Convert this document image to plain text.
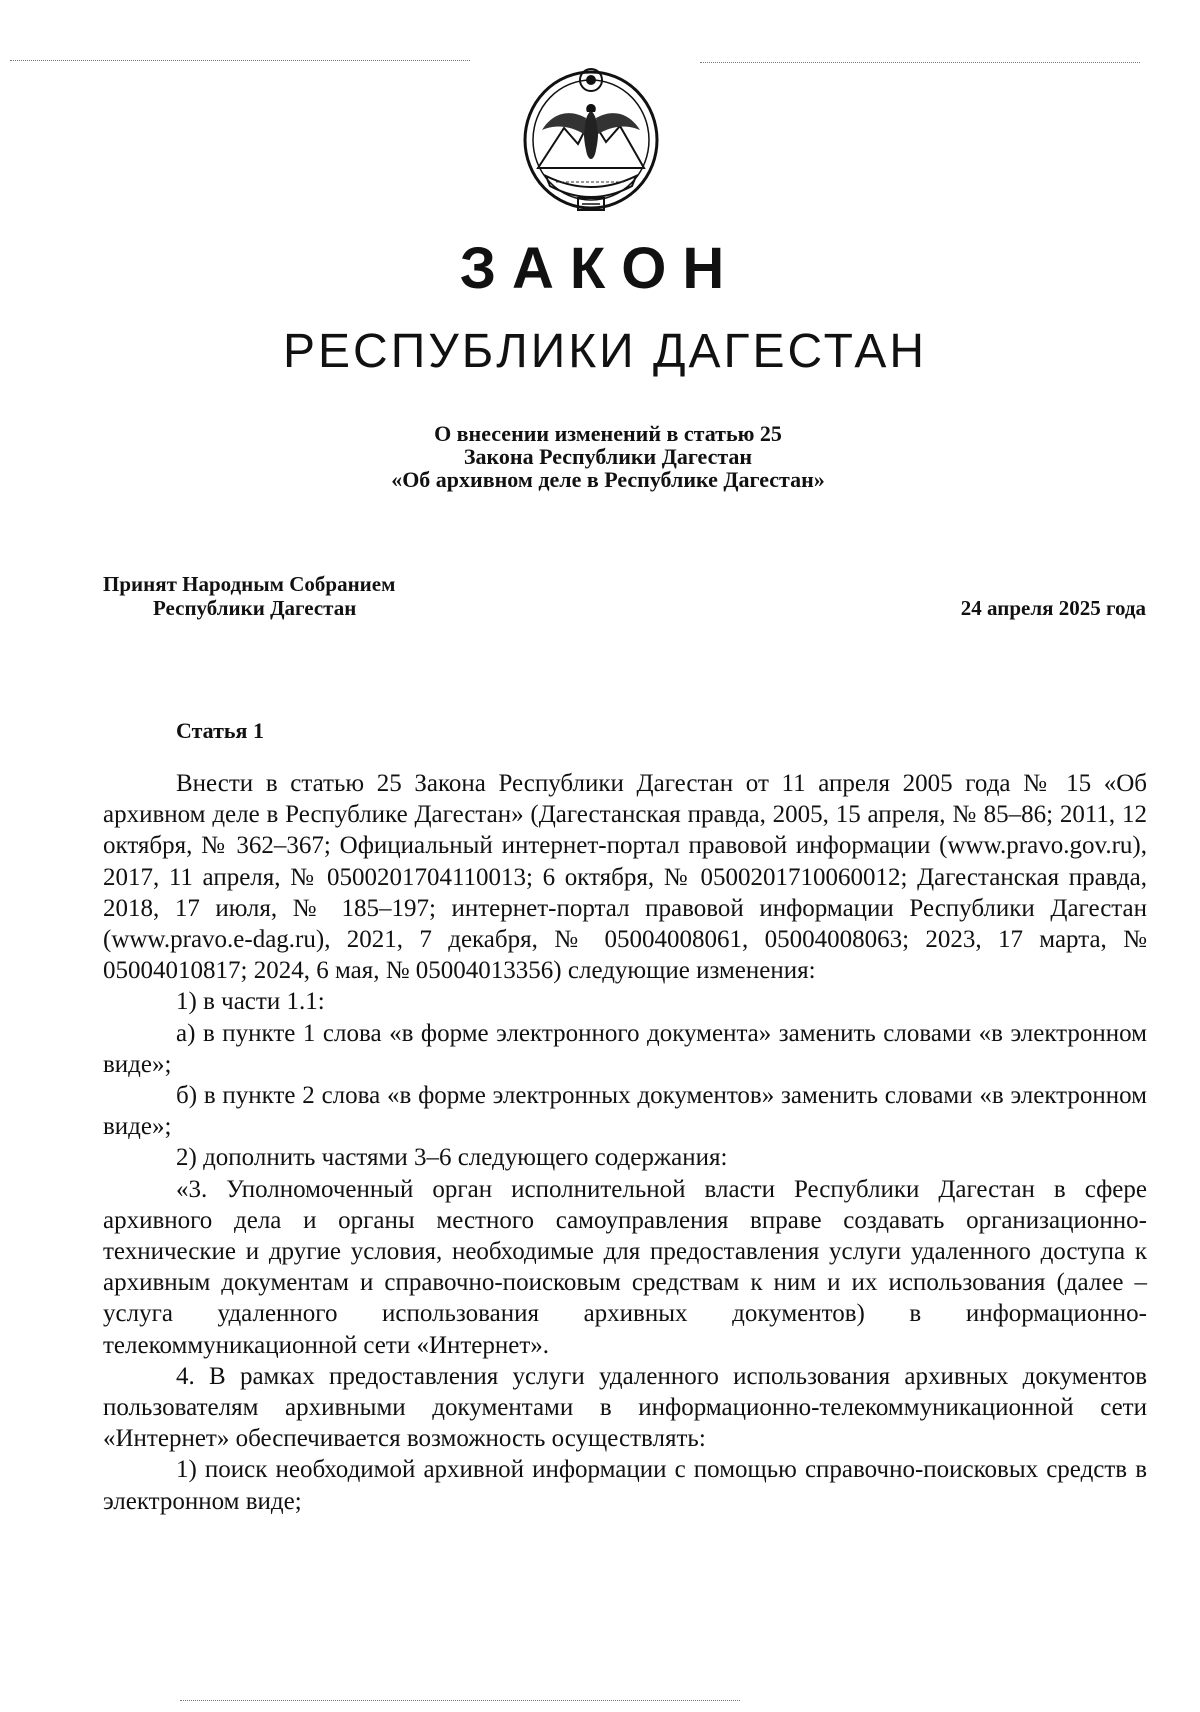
ЗАКОН
РЕСПУБЛИКИ ДАГЕСТАН
О внесении изменений в статью 25
Закона Республики Дагестан
«Об архивном деле в Республике Дагестан»
Принят Народным Собранием
Республики Дагестан	24 апреля 2025 года
Статья 1

Внести в статью 25 Закона Республики Дагестан от 11 апреля 2005 года № 15 «Об архивном деле в Республике Дагестан» (Дагестанская правда, 2005, 15 апреля, № 85–86; 2011, 12 октября, № 362–367; Официальный интернет-портал правовой информации (www.pravo.gov.ru), 2017, 11 апреля, № 0500201704110013; 6 октября, № 0500201710060012; Дагестанская правда, 2018, 17 июля, № 185–197; интернет-портал правовой информации Республики Дагестан (www.pravo.e-dag.ru), 2021, 7 декабря, № 05004008061, 05004008063; 2023, 17 марта, № 05004010817; 2024, 6 мая, № 05004013356) следующие изменения:

1) в части 1.1:

а) в пункте 1 слова «в форме электронного документа» заменить словами «в электронном виде»;

б) в пункте 2 слова «в форме электронных документов» заменить словами «в электронном виде»;

2) дополнить частями 3–6 следующего содержания:

«3. Уполномоченный орган исполнительной власти Республики Дагестан в сфере архивного дела и органы местного самоуправления вправе создавать организационно-технические и другие условия, необходимые для предоставления услуги удаленного доступа к архивным документам и справочно-поисковым средствам к ним и их использования (далее – услуга удаленного использования архивных документов) в информационно-телекоммуникационной сети «Интернет».

4. В рамках предоставления услуги удаленного использования архивных документов пользователям архивными документами в информационно-телекоммуникационной сети «Интернет» обеспечивается возможность осуществлять:

1) поиск необходимой архивной информации с помощью справочно-поисковых средств в электронном виде;
